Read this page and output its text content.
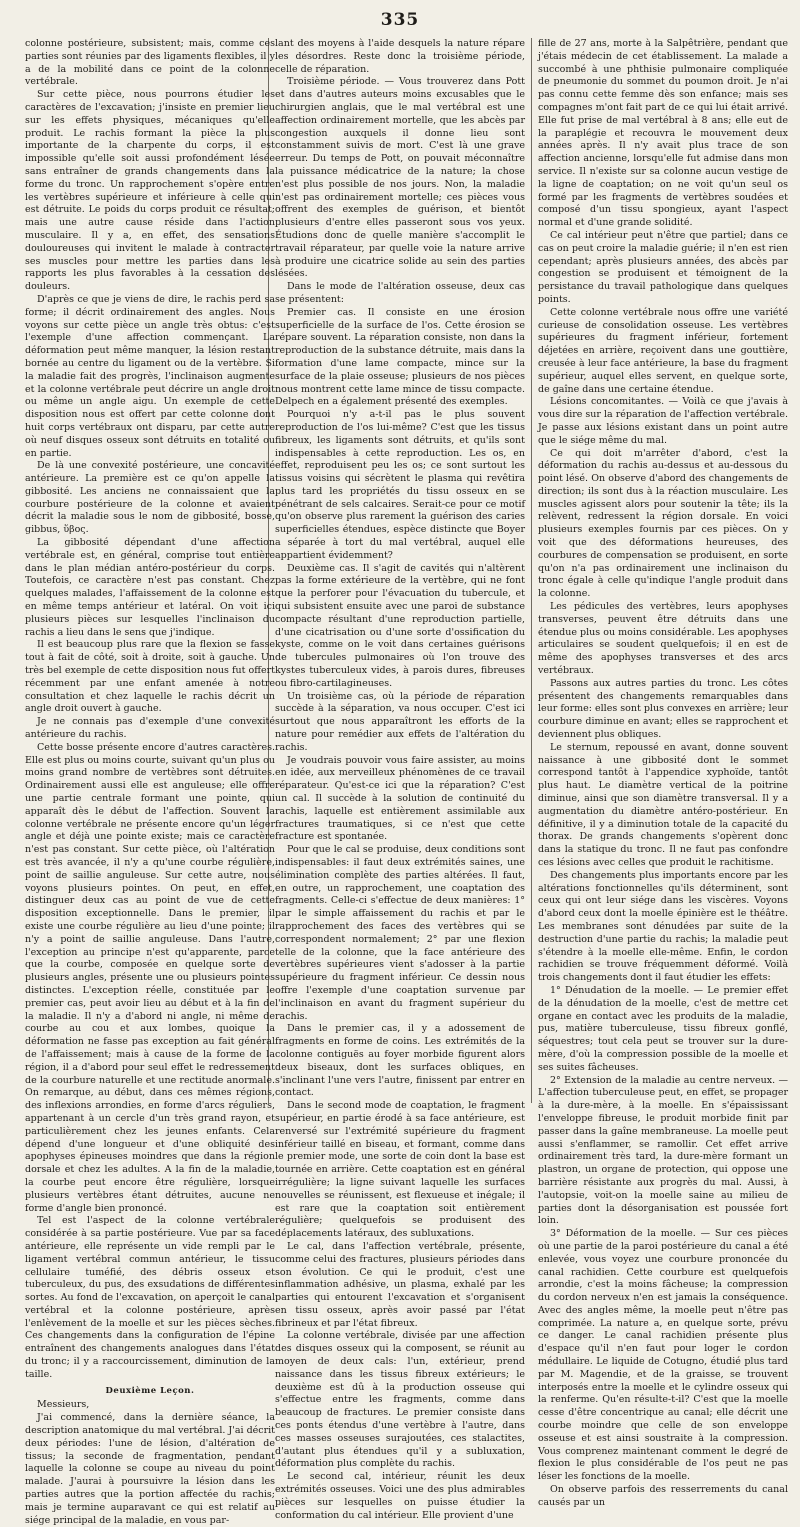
335

colonne postérieure, subsistent; mais, comme ces parties sont réunies par des ligaments flexibles, il y a de la mobilité dans ce point de la colonne vertébrale.

Sur cette pièce, nous pourrons étudier les caractères de l'excavation; j'insiste en premier lieu sur les effets physiques, mécaniques qu'elle produit. Le rachis formant la pièce la plus importante de la charpente du corps, il est impossible qu'elle soit aussi profondément lésée sans entraîner de grands changements dans la forme du tronc. Un rapprochement s'opère entre les vertèbres supérieure et inférieure à celle qui est détruite. Le poids du corps produit ce résultat; mais une autre cause réside dans l'action musculaire. Il y a, en effet, des sensations douloureuses qui invitent le malade à contracter ses muscles pour mettre les parties dans les rapports les plus favorables à la cessation des douleurs.

D'après ce que je viens de dire, le rachis perd sa forme; il décrit ordinairement des angles. Nous voyons sur cette pièce un angle très obtus: c'est l'exemple d'une affection commençant. La déformation peut même manquer, la lésion restant bornée au centre du ligament ou de la vertèbre. Si la maladie fait des progrès, l'inclinaison augmente et la colonne vertébrale peut décrire un angle droit ou même un angle aigu. Un exemple de cette disposition nous est offert par cette colonne dont huit corps vertébraux ont disparu, par cette autre où neuf disques osseux sont détruits en totalité ou en partie.

De là une convexité postérieure, une concavité antérieure. La première est ce qu'on appelle la gibbosité. Les anciens ne connaissaient que la courbure postérieure de la colonne et avaient décrit la maladie sous le nom de gibbosité, bosse, gibbus, ὕβος.

La gibbosité dépendant d'une affection vertébrale est, en général, comprise tout entière dans le plan médian antéro-postérieur du corps. Toutefois, ce caractère n'est pas constant. Chez quelques malades, l'affaissement de la colonne est en même temps antérieur et latéral. On voit ici plusieurs pièces sur lesquelles l'inclinaison du rachis a lieu dans le sens que j'indique.

Il est beaucoup plus rare que la flexion se fasse tout à fait de côté, soit à droite, soit à gauche. Un très bel exemple de cette disposition nous fut offert récemment par une enfant amenée à notre consultation et chez laquelle le rachis décrit un angle droit ouvert à gauche.

Je ne connais pas d'exemple d'une convexité antérieure du rachis.

Cette bosse présente encore d'autres caractères. Elle est plus ou moins courte, suivant qu'un plus ou moins grand nombre de vertèbres sont détruites. Ordinairement aussi elle est anguleuse; elle offre une partie centrale formant une pointe, qui apparaît dès le début de l'affection. Souvent la colonne vertébrale ne présente encore qu'un léger angle et déjà une pointe existe; mais ce caractère n'est pas constant. Sur cette pièce, où l'altération est très avancée, il n'y a qu'une courbe régulière, point de saillie anguleuse. Sur cette autre, nous voyons plusieurs pointes. On peut, en effet, distinguer deux cas au point de vue de cette disposition exceptionnelle. Dans le premier, il existe une courbe régulière au lieu d'une pointe; il n'y a point de saillie anguleuse. Dans l'autre, l'exception au principe n'est qu'apparente, parce que la courbe, composée en quelque sorte de plusieurs angles, présente une ou plusieurs pointes distinctes. L'exception réelle, constituée par le premier cas, peut avoir lieu au début et à la fin de la maladie. Il n'y a d'abord ni angle, ni même de courbe au cou et aux lombes, quoique la déformation ne fasse pas exception au fait général de l'affaissement; mais à cause de la forme de la région, il a d'abord pour seul effet le redressement de la courbure naturelle et une rectitude anormale. On remarque, au début, dans ces mêmes régions, des inflexions arrondies, en forme d'arcs réguliers, appartenant à un cercle d'un très grand rayon, et particulièrement chez les jeunes enfants. Cela dépend d'une longueur et d'une obliquité des apophyses épineuses moindres que dans la région dorsale et chez les adultes. A la fin de la maladie, la courbe peut encore être régulière, lorsque plusieurs vertèbres étant détruites, aucune ne forme d'angle bien prononcé.

Tel est l'aspect de la colonne vertébrale considérée à sa partie postérieure. Vue par sa face antérieure, elle représente un vide rempli par le ligament vertébral commun antérieur, le tissu cellulaire tuméfié, des débris osseux et tuberculeux, du pus, des exsudations de différentes sortes. Au fond de l'excavation, on aperçoit le canal vertébral et la colonne postérieure, après l'enlèvement de la moelle et sur les pièces sèches. Ces changements dans la configuration de l'épine entraînent des changements analogues dans l'état du tronc; il y a raccourcissement, diminution de la taille.

Deuxième Leçon.

Messieurs,

J'ai commencé, dans la dernière séance, la description anatomique du mal vertébral. J'ai décrit deux périodes: l'une de lésion, d'altération de tissus; la seconde de fragmentation, pendant laquelle la colonne se coupe au niveau du point malade. J'aurai à poursuivre la lésion dans les parties autres que la portion affectée du rachis; mais je termine auparavant ce qui est relatif au siége principal de la maladie, en vous par-

lant des moyens à l'aide desquels la nature répare les désordres. Reste donc la troisième période, celle de réparation.

Troisième période. — Vous trouverez dans Pott et dans d'autres auteurs moins excusables que le chirurgien anglais, que le mal vertébral est une affection ordinairement mortelle, que les abcès par congestion auxquels il donne lieu sont constamment suivis de mort. C'est là une grave erreur. Du temps de Pott, on pouvait méconnaître la puissance médicatrice de la nature; la chose n'est plus possible de nos jours. Non, la maladie n'est pas ordinairement mortelle; ces pièces vous offrent des exemples de guérison, et bientôt plusieurs d'entre elles passeront sous vos yeux. Étudions donc de quelle manière s'accomplit le travail réparateur, par quelle voie la nature arrive à produire une cicatrice solide au sein des parties lésées.

Dans le mode de l'altération osseuse, deux cas se présentent:

Premier cas. Il consiste en une érosion superficielle de la surface de l'os. Cette érosion se répare souvent. La réparation consiste, non dans la reproduction de la substance détruite, mais dans la formation d'une lame compacte, mince sur la surface de la plaie osseuse; plusieurs de nos pièces nous montrent cette lame mince de tissu compacte. Delpech en a également présenté des exemples.

Pourquoi n'y a-t-il pas le plus souvent reproduction de l'os lui-même? C'est que les tissus fibreux, les ligaments sont détruits, et qu'ils sont indispensables à cette reproduction. Les os, en effet, reproduisent peu les os; ce sont surtout les tissus voisins qui sécrètent le plasma qui revêtira plus tard les propriétés du tissu osseux en se pénétrant de sels calcaires. Serait-ce pour ce motif qu'on observe plus rarement la guérison des caries superficielles étendues, espèce distincte que Boyer a séparée à tort du mal vertébral, auquel elle appartient évidemment?

Deuxième cas. Il s'agit de cavités qui n'altèrent pas la forme extérieure de la vertèbre, qui ne font que la perforer pour l'évacuation du tubercule, et qui subsistent ensuite avec une paroi de substance compacte résultant d'une reproduction partielle, d'une cicatrisation ou d'une sorte d'ossification du kyste, comme on le voit dans certaines guérisons de tubercules pulmonaires où l'on trouve des kystes tuberculeux vides, à parois dures, fibreuses ou fibro-cartilagineuses.

Un troisième cas, où la période de réparation succède à la séparation, va nous occuper. C'est ici surtout que nous apparaîtront les efforts de la nature pour remédier aux effets de l'altération du rachis.

Je voudrais pouvoir vous faire assister, au moins en idée, aux merveilleux phénomènes de ce travail réparateur. Qu'est-ce ici que la réparation? C'est un cal. Il succède à la solution de continuité du rachis, laquelle est entièrement assimilable aux fractures traumatiques, si ce n'est que cette fracture est spontanée.

Pour que le cal se produise, deux conditions sont indispensables: il faut deux extrémités saines, une élimination complète des parties altérées. Il faut, en outre, un rapprochement, une coaptation des fragments. Celle-ci s'effectue de deux manières: 1° par le simple affaissement du rachis et par le rapprochement des faces des vertèbres qui se correspondent normalement; 2° par une flexion telle de la colonne, que la face antérieure des vertèbres supérieures vient s'adosser à la partie supérieure du fragment inférieur. Ce dessin nous offre l'exemple d'une coaptation survenue par l'inclinaison en avant du fragment supérieur du rachis.

Dans le premier cas, il y a adossement de fragments en forme de coins. Les extrémités de la colonne contiguës au foyer morbide figurent alors deux biseaux, dont les surfaces obliques, en s'inclinant l'une vers l'autre, finissent par entrer en contact.

Dans le second mode de coaptation, le fragment supérieur, en partie érodé à sa face antérieure, est renversé sur l'extrémité supérieure du fragment inférieur taillé en biseau, et formant, comme dans le premier mode, une sorte de coin dont la base est tournée en arrière. Cette coaptation est en général irrégulière; la ligne suivant laquelle les surfaces nouvelles se réunissent, est flexueuse et inégale; il est rare que la coaptation soit entièrement régulière; quelquefois se produisent des déplacements latéraux, des subluxations.

Le cal, dans l'affection vertébrale, présente, comme celui des fractures, plusieurs périodes dans son évolution. Ce qui le produit, c'est une inflammation adhésive, un plasma, exhalé par les parties qui entourent l'excavation et s'organisent en tissu osseux, après avoir passé par l'état fibrineux et par l'état fibreux.

La colonne vertébrale, divisée par une affection des disques osseux qui la composent, se réunit au moyen de deux cals: l'un, extérieur, prend naissance dans les tissus fibreux extérieurs; le deuxième est dû à la production osseuse qui s'effectue entre les fragments, comme dans beaucoup de fractures. Le premier consiste dans ces ponts étendus d'une vertèbre à l'autre, dans ces masses osseuses surajoutées, ces stalactites, d'autant plus étendues qu'il y a subluxation, déformation plus complète du rachis.

Le second cal, intérieur, réunit les deux extrémités osseuses. Voici une des plus admirables pièces sur lesquelles on puisse étudier la conformation du cal intérieur. Elle provient d'une

fille de 27 ans, morte à la Salpêtrière, pendant que j'étais médecin de cet établissement. La malade a succombé à une phthisie pulmonaire compliquée de pneumonie du sommet du poumon droit. Je n'ai pas connu cette femme dès son enfance; mais ses compagnes m'ont fait part de ce qui lui était arrivé. Elle fut prise de mal vertébral à 8 ans; elle eut de la paraplégie et recouvra le mouvement deux années après. Il n'y avait plus trace de son affection ancienne, lorsqu'elle fut admise dans mon service. Il n'existe sur sa colonne aucun vestige de la ligne de coaptation; on ne voit qu'un seul os formé par les fragments de vertèbres soudées et composé d'un tissu spongieux, ayant l'aspect normal et d'une grande solidité.

Ce cal intérieur peut n'être que partiel; dans ce cas on peut croire la maladie guérie; il n'en est rien cependant; après plusieurs années, des abcès par congestion se produisent et témoignent de la persistance du travail pathologique dans quelques points.

Cette colonne vertébrale nous offre une variété curieuse de consolidation osseuse. Les vertèbres supérieures du fragment inférieur, fortement déjetées en arrière, reçoivent dans une gouttière, creusée à leur face antérieure, la base du fragment supérieur, auquel elles servent, en quelque sorte, de gaîne dans une certaine étendue.

Lésions concomitantes. — Voilà ce que j'avais à vous dire sur la réparation de l'affection vertébrale. Je passe aux lésions existant dans un point autre que le siége même du mal.

Ce qui doit m'arrêter d'abord, c'est la déformation du rachis au-dessus et au-dessous du point lésé. On observe d'abord des changements de direction; ils sont dus à la réaction musculaire. Les muscles agissent alors pour soutenir la tête; ils la relèvent, redressent la région dorsale. En voici plusieurs exemples fournis par ces pièces. On y voit que des déformations heureuses, des courbures de compensation se produisent, en sorte qu'on n'a pas ordinairement une inclinaison du tronc égale à celle qu'indique l'angle produit dans la colonne.

Les pédicules des vertèbres, leurs apophyses transverses, peuvent être détruits dans une étendue plus ou moins considérable. Les apophyses articulaires se soudent quelquefois; il en est de même des apophyses transverses et des arcs vertébraux.

Passons aux autres parties du tronc. Les côtes présentent des changements remarquables dans leur forme: elles sont plus convexes en arrière; leur courbure diminue en avant; elles se rapprochent et deviennent plus obliques.

Le sternum, repoussé en avant, donne souvent naissance à une gibbosité dont le sommet correspond tantôt à l'appendice xyphoïde, tantôt plus haut. Le diamètre vertical de la poitrine diminue, ainsi que son diamètre transversal. Il y a augmentation du diamètre antéro-postérieur. En définitive, il y a diminution totale de la capacité du thorax. De grands changements s'opèrent donc dans la statique du tronc. Il ne faut pas confondre ces lésions avec celles que produit le rachitisme.

Des changements plus importants encore par les altérations fonctionnelles qu'ils déterminent, sont ceux qui ont leur siége dans les viscères. Voyons d'abord ceux dont la moelle épinière est le théâtre. Les membranes sont dénudées par suite de la destruction d'une partie du rachis; la maladie peut s'étendre à la moelle elle-même. Enfin, le cordon rachidien se trouve fréquemment déformé. Voilà trois changements dont il faut étudier les effets:

1° Dénudation de la moelle. — Le premier effet de la dénudation de la moelle, c'est de mettre cet organe en contact avec les produits de la maladie, pus, matière tuberculeuse, tissu fibreux gonflé, séquestres; tout cela peut se trouver sur la dure-mère, d'où la compression possible de la moelle et ses suites fâcheuses.

2° Extension de la maladie au centre nerveux. — L'affection tuberculeuse peut, en effet, se propager à la dure-mère, à la moelle. En s'épaississant l'enveloppe fibreuse, le produit morbide finit par passer dans la gaîne membraneuse. La moelle peut aussi s'enflammer, se ramollir. Cet effet arrive ordinairement très tard, la dure-mère formant un plastron, un organe de protection, qui oppose une barrière résistante aux progrès du mal. Aussi, à l'autopsie, voit-on la moelle saine au milieu de parties dont la désorganisation est poussée fort loin.

3° Déformation de la moelle. — Sur ces pièces où une partie de la paroi postérieure du canal a été enlevée, vous voyez une courbure prononcée du canal rachidien. Cette courbure est quelquefois arrondie, c'est la moins fâcheuse; la compression du cordon nerveux n'en est jamais la conséquence. Avec des angles même, la moelle peut n'être pas comprimée. La nature a, en quelque sorte, prévu ce danger. Le canal rachidien présente plus d'espace qu'il n'en faut pour loger le cordon médullaire. Le liquide de Cotugno, étudié plus tard par M. Magendie, et de la graisse, se trouvent interposés entre la moelle et le cylindre osseux qui la renferme. Qu'en résulte-t-il? C'est que la moelle cesse d'être concentrique au canal; elle décrit une courbe moindre que celle de son enveloppe osseuse et est ainsi soustraite à la compression. Vous comprenez maintenant comment le degré de flexion le plus considérable de l'os peut ne pas léser les fonctions de la moelle.

On observe parfois des resserrements du canal causés par un
